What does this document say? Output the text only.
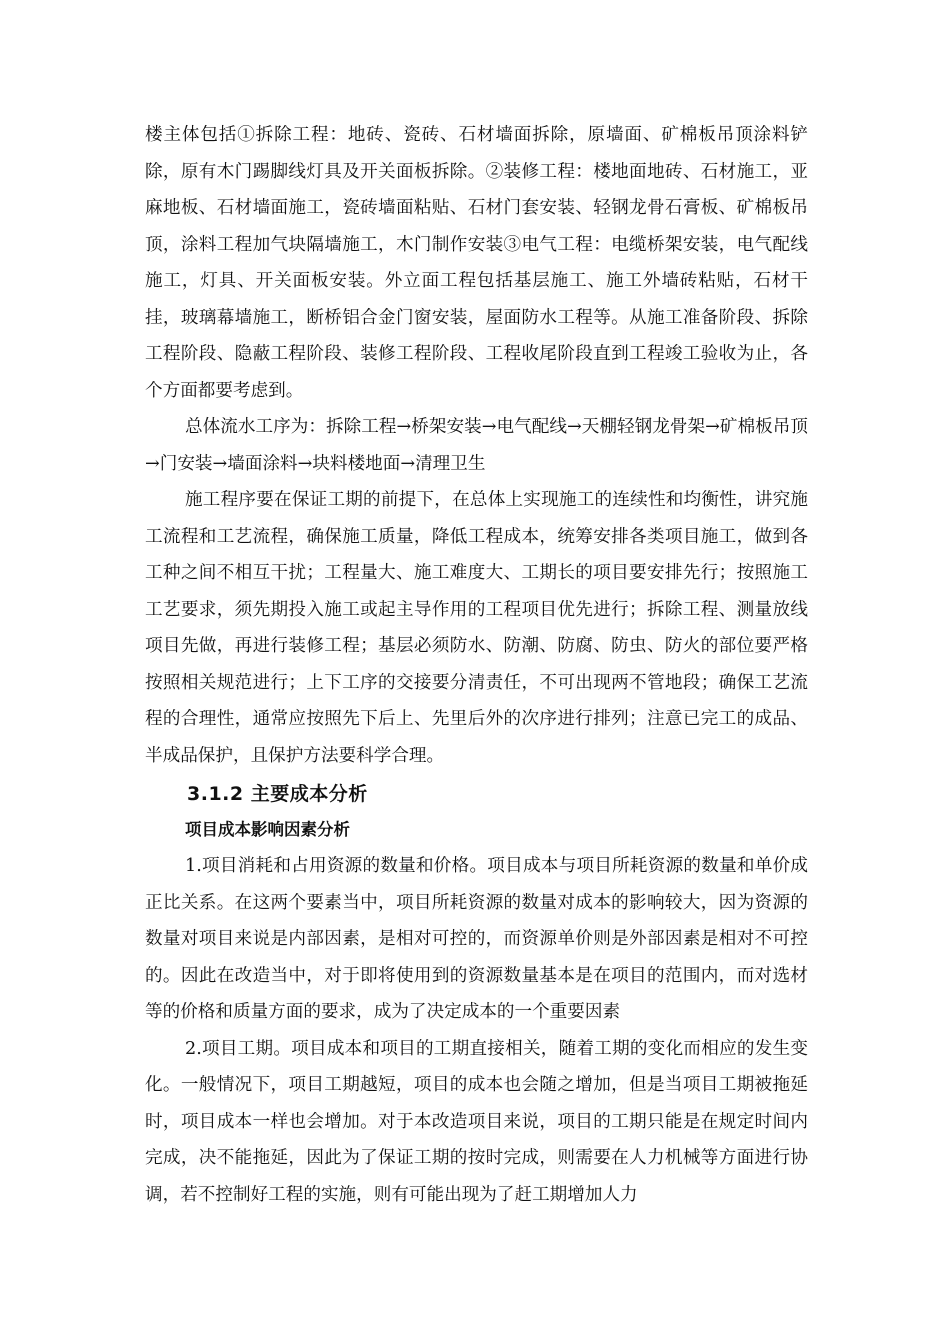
楼主体包括①拆除工程：地砖、瓷砖、石材墙面拆除，原墙面、矿棉板吊顶涂料铲除，原有木门踢脚线灯具及开关面板拆除。②装修工程：楼地面地砖、石材施工，亚麻地板、石材墙面施工，瓷砖墙面粘贴、石材门套安装、轻钢龙骨石膏板、矿棉板吊顶，涂料工程加气块隔墙施工，木门制作安装③电气工程：电缆桥架安装，电气配线施工，灯具、开关面板安装。外立面工程包括基层施工、施工外墙砖粘贴，石材干挂，玻璃幕墙施工，断桥铝合金门窗安装，屋面防水工程等。从施工准备阶段、拆除工程阶段、隐蔽工程阶段、装修工程阶段、工程收尾阶段直到工程竣工验收为止，各个方面都要考虑到。

总体流水工序为：拆除工程→桥架安装→电气配线→天棚轻钢龙骨架→矿棉板吊顶→门安装→墙面涂料→块料楼地面→清理卫生

施工程序要在保证工期的前提下，在总体上实现施工的连续性和均衡性，讲究施工流程和工艺流程，确保施工质量，降低工程成本，统筹安排各类项目施工，做到各工种之间不相互干扰；工程量大、施工难度大、工期长的项目要安排先行；按照施工工艺要求，须先期投入施工或起主导作用的工程项目优先进行；拆除工程、测量放线项目先做，再进行装修工程；基层必须防水、防潮、防腐、防虫、防火的部位要严格按照相关规范进行；上下工序的交接要分清责任，不可出现两不管地段；确保工艺流程的合理性，通常应按照先下后上、先里后外的次序进行排列；注意已完工的成品、半成品保护，且保护方法要科学合理。

3.1.2 主要成本分析
项目成本影响因素分析

1.项目消耗和占用资源的数量和价格。项目成本与项目所耗资源的数量和单价成正比关系。在这两个要素当中，项目所耗资源的数量对成本的影响较大，因为资源的数量对项目来说是内部因素，是相对可控的，而资源单价则是外部因素是相对不可控的。因此在改造当中，对于即将使用到的资源数量基本是在项目的范围内，而对选材等的价格和质量方面的要求，成为了决定成本的一个重要因素

2.项目工期。项目成本和项目的工期直接相关，随着工期的变化而相应的发生变化。一般情况下，项目工期越短，项目的成本也会随之增加，但是当项目工期被拖延时，项目成本一样也会增加。对于本改造项目来说，项目的工期只能是在规定时间内完成，决不能拖延，因此为了保证工期的按时完成，则需要在人力机械等方面进行协调，若不控制好工程的实施，则有可能出现为了赶工期增加人力
